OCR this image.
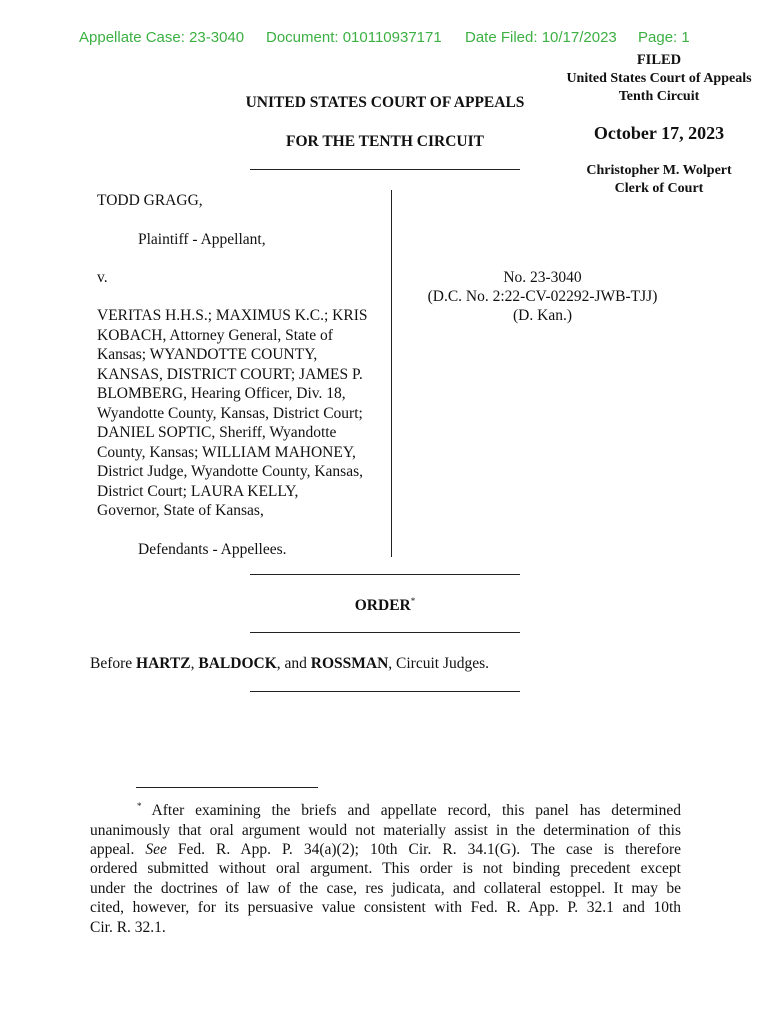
Appellate Case: 23-3040 Document: 010110937171 Date Filed: 10/17/2023 Page: 1
FILED
United States Court of Appeals
Tenth Circuit
October 17, 2023
Christopher M. Wolpert
Clerk of Court
UNITED STATES COURT OF APPEALS
FOR THE TENTH CIRCUIT
TODD GRAGG,
Plaintiff - Appellant,
v.
VERITAS H.H.S.; MAXIMUS K.C.; KRIS
KOBACH, Attorney General, State of
Kansas; WYANDOTTE COUNTY,
KANSAS, DISTRICT COURT; JAMES P.
BLOMBERG, Hearing Officer, Div. 18,
Wyandotte County, Kansas, District Court;
DANIEL SOPTIC, Sheriff, Wyandotte
County, Kansas; WILLIAM MAHONEY,
District Judge, Wyandotte County, Kansas,
District Court; LAURA KELLY,
Governor, State of Kansas,
Defendants - Appellees.
No. 23-3040
(D.C. No. 2:22-CV-02292-JWB-TJJ)
(D. Kan.)
ORDER*
Before HARTZ, BALDOCK, and ROSSMAN, Circuit Judges.
* After examining the briefs and appellate record, this panel has determined
unanimously that oral argument would not materially assist in the determination of this
appeal. See Fed. R. App. P. 34(a)(2); 10th Cir. R. 34.1(G). The case is therefore
ordered submitted without oral argument. This order is not binding precedent except
under the doctrines of law of the case, res judicata, and collateral estoppel. It may be
cited, however, for its persuasive value consistent with Fed. R. App. P. 32.1 and 10th
Cir. R. 32.1.
